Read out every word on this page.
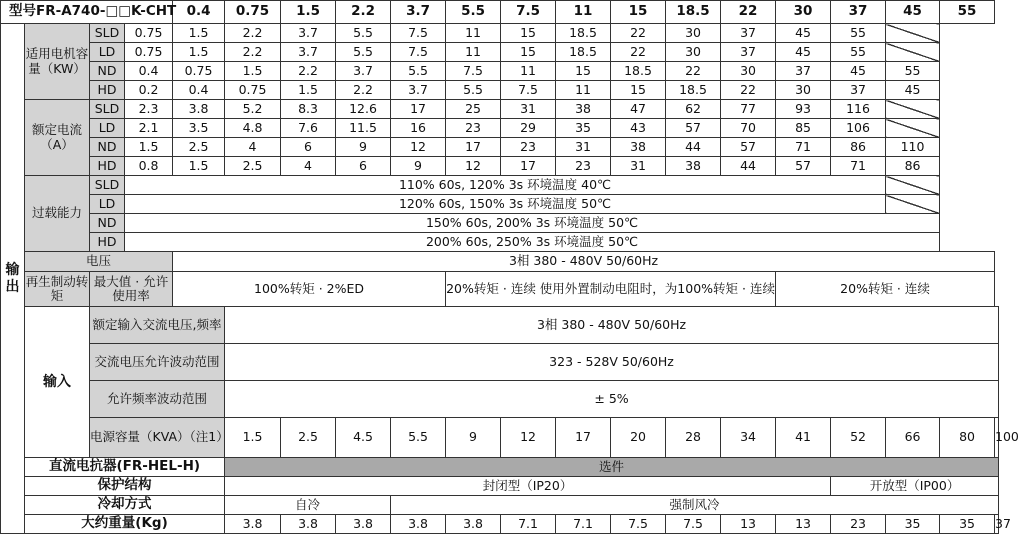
型号FR-A740-□□K-CHT				0.4	0.75	1.5	2.2	3.7	5.5	7.5	11	15	18.5	22	30	37	45	55	
输出	适用电机容量（KW）	SLD	0.75	1.5	2.2	3.7	5.5	7.5	11	15	18.5	22	30	37	45	55			
		LD	0.75	1.5	2.2	3.7	5.5	7.5	11	15	18.5	22	30	37	45	55			
		ND	0.4	0.75	1.5	2.2	3.7	5.5	7.5	11	15	18.5	22	30	37	45	55		
		HD	0.2	0.4	0.75	1.5	2.2	3.7	5.5	7.5	11	15	18.5	22	30	37	45		
	额定电流（A）	SLD	2.3	3.8	5.2	8.3	12.6	17	25	31	38	47	62	77	93	116			
		LD	2.1	3.5	4.8	7.6	11.5	16	23	29	35	43	57	70	85	106			
		ND	1.5	2.5	4	6	9	12	17	23	31	38	44	57	71	86	110		
		HD	0.8	1.5	2.5	4	6	9	12	17	23	31	38	44	57	71	86		
	过载能力	SLD	110% 60s, 120% 3s 环境温度 40℃																
		LD	120% 60s, 150% 3s 环境温度 50℃																
		ND	150% 60s, 200% 3s 环境温度 50℃																
		HD	200% 60s, 250% 3s 环境温度 50℃																
	电压			3相 380 - 480V 50/60Hz															
	再生制动转矩	最大值 · 允许使用率		100%转矩 · 2%ED					20%转矩 · 连续 使用外置制动电阻时，为100%转矩 · 连续						20%转矩 · 连续				
	输入	额定输入交流电压,频率			3相 380 - 480V 50/60Hz														
		交流电压允许波动范围			323 - 528V 50/60Hz														
		允许频率波动范围			± 5%														
		电源容量（KVA）（注1）			1.5	2.5	4.5	5.5	9	12	17	20	28	34	41	52	66	80	100
	直流电抗器(FR-HEL-H)				选件														
	保护结构				封闭型（IP20）											开放型（IP00）			
	冷却方式				自冷			强制风冷											
	大约重量(Kg)				3.8	3.8	3.8	3.8	3.8	7.1	7.1	7.5	7.5	13	13	23	35	35	37
